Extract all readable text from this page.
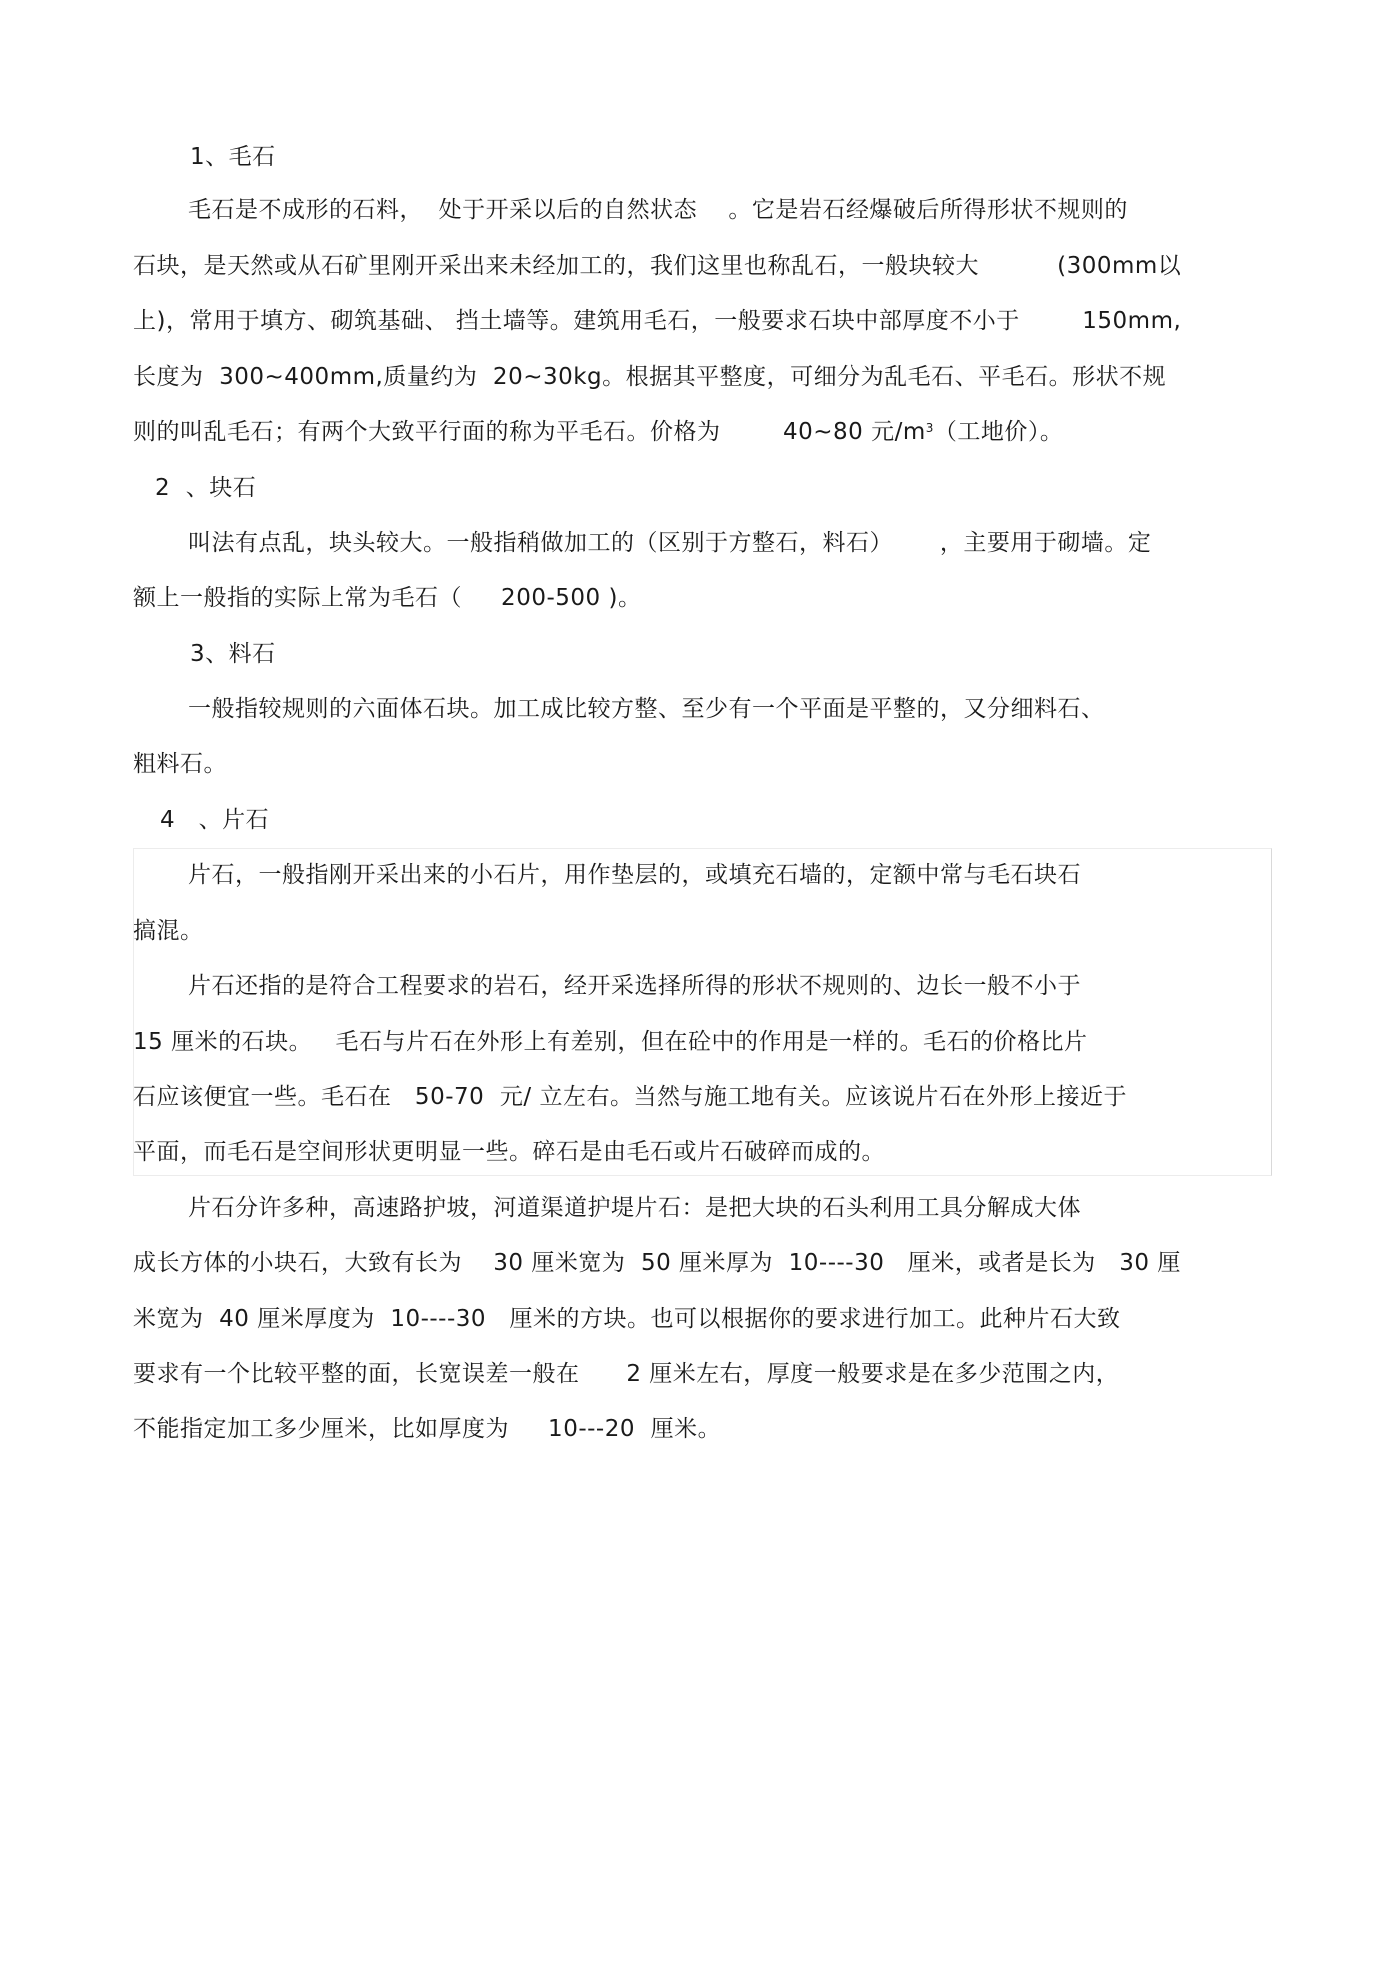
1、毛石
毛石是不成形的石料，  处于开采以后的自然状态    。它是岩石经爆破后所得形状不规则的
石块，是天然或从石矿里刚开采出来未经加工的，我们这里也称乱石，一般块较大          (300mm以
上)，常用于填方、砌筑基础、 挡土墙等。建筑用毛石，一般要求石块中部厚度不小于        150mm,
长度为  300~400mm,质量约为  20~30kg。根据其平整度，可细分为乱毛石、平毛石。形状不规
则的叫乱毛石；有两个大致平行面的称为平毛石。价格为        40~80 元$/m^3$（工地价）。
2  、块石
叫法有点乱，块头较大。一般指稍做加工的（区别于方整石，料石）      ，主要用于砌墙。定
额上一般指的实际上常为毛石（     200-500 )。
3、料石
一般指较规则的六面体石块。加工成比较方整、至少有一个平面是平整的，又分细料石、
粗料石。
4   、片石
片石，一般指刚开采出来的小石片，用作垫层的，或填充石墙的，定额中常与毛石块石
搞混。
片石还指的是符合工程要求的岩石，经开采选择所得的形状不规则的、边长一般不小于
15 厘米的石块。   毛石与片石在外形上有差别，但在砼中的作用是一样的。毛石的价格比片
石应该便宜一些。毛石在   50-70  元/ 立左右。当然与施工地有关。应该说片石在外形上接近于
平面，而毛石是空间形状更明显一些。碎石是由毛石或片石破碎而成的。
片石分许多种，高速路护坡，河道渠道护堤片石：是把大块的石头利用工具分解成大体
成长方体的小块石，大致有长为    30 厘米宽为  50 厘米厚为  10----30   厘米，或者是长为   30 厘
米宽为  40 厘米厚度为  10----30   厘米的方块。也可以根据你的要求进行加工。此种片石大致
要求有一个比较平整的面，长宽误差一般在      2 厘米左右，厚度一般要求是在多少范围之内，
不能指定加工多少厘米，比如厚度为     10---20  厘米。
